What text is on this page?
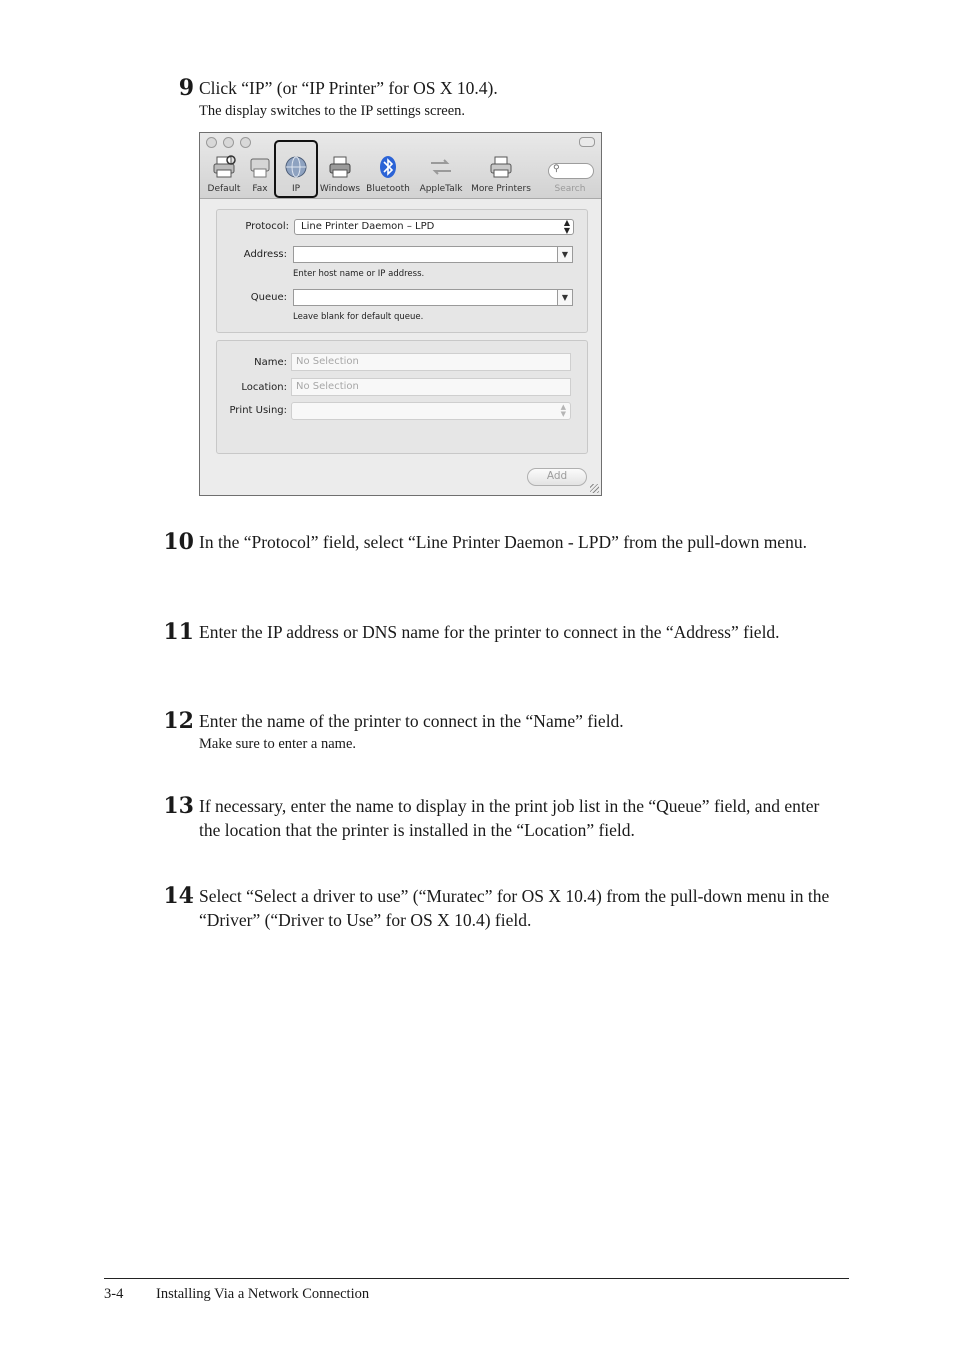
9 Click “IP” (or “IP Printer” for OS X 10.4).
The display switches to the IP settings screen.
Default	Fax	IP	Windows Bluetooth	AppleTalk More Printers
⚲
Search
Protocol:	Line Printer Daemon – LPD	▲
▼
Address:	▼
Enter host name or IP address.
Queue:	▼
Leave blank for default queue.
Name: No Selection
Location: No Selection
Print Using:	▲
▼
Add
10 In the “Protocol” field, select “Line Printer Daemon - LPD” from the pull-down menu.
11 Enter the IP address or DNS name for the printer to connect in the “Address” field.
12 Enter the name of the printer to connect in the “Name” field.
Make sure to enter a name.
13 If necessary, enter the name to display in the print job list in the “Queue” field, and enter the location that the printer is installed in the “Location” field.
14 Select “Select a driver to use” (“Muratec” for OS X 10.4) from the pull-down menu in the “Driver” (“Driver to Use” for OS X 10.4) field.
3-4 Installing Via a Network Connection
